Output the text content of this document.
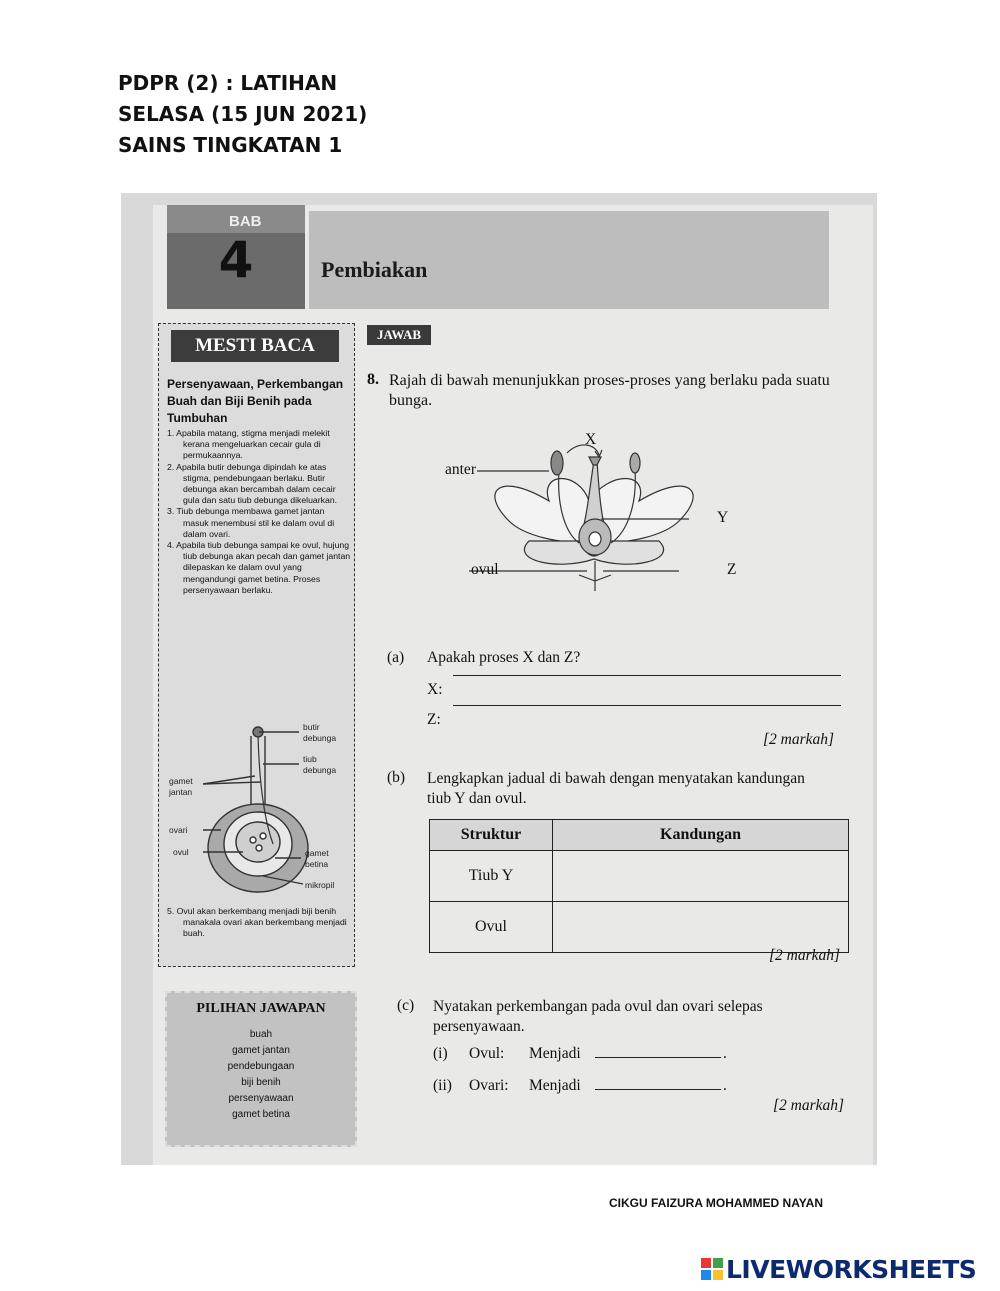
PDPR (2) : LATIHAN
SELASA (15 JUN 2021)
SAINS TINGKATAN 1
BAB
4	Pembiakan
MESTI BACA
Persenyawaan, Perkembangan Buah dan Biji Benih pada Tumbuhan

1. Apabila matang, stigma menjadi melekit kerana mengeluarkan cecair gula di permukaannya.

2. Apabila butir debunga dipindah ke atas stigma, pendebungaan berlaku. Butir debunga akan bercambah dalam cecair gula dan satu tiub debunga dikeluarkan.

3. Tiub debunga membawa gamet jantan masuk menembusi stil ke dalam ovul di dalam ovari.

4. Apabila tiub debunga sampai ke ovul, hujung tiub debunga akan pecah dan gamet jantan dilepaskan ke dalam ovul yang mengandungi gamet betina. Proses persenyawaan berlaku.

butir
debunga
tiub
debunga
gamet
jantan
ovari
ovul	gamet
betina
mikropil
5. Ovul akan berkembang menjadi biji benih manakala ovari akan berkembang menjadi buah.
PILIHAN JAWAPAN
buah
gamet jantan
pendebungaan
biji benih
persenyawaan
gamet betina
JAWAB
8. Rajah di bawah menunjukkan proses-proses yang berlaku pada suatu bunga.
X
anter
Y
ovul	Z
(a) Apakah proses X dan Z?
X:
Z:
[2 markah]
(b) Lengkapkan jadual di bawah dengan menyatakan kandungan tiub Y dan ovul.
Struktur	Kandungan
Tiub Y	
Ovul	
[2 markah]
(c) Nyatakan perkembangan pada ovul dan ovari selepas persenyawaan.
(i) Ovul: Menjadi	.
(ii) Ovari: Menjadi	.
[2 markah]
CIKGU FAIZURA MOHAMMED NAYAN
LIVEWORKSHEETS
